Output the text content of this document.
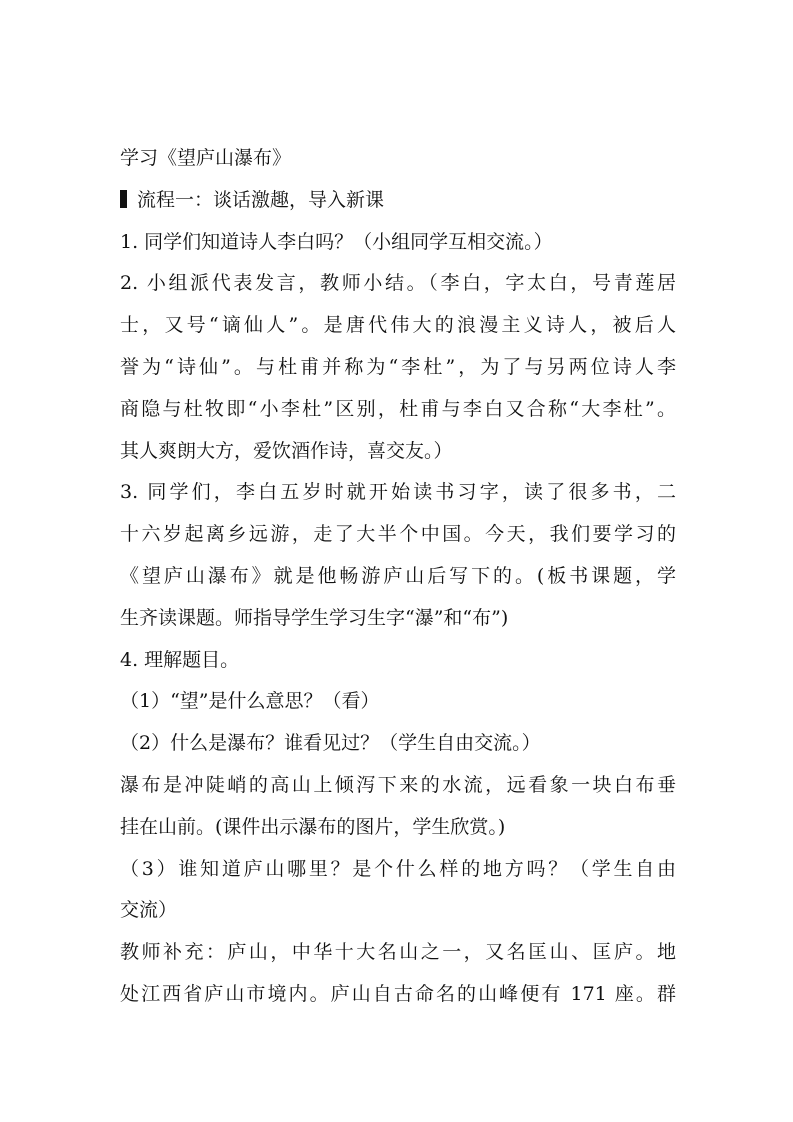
学习《望庐山瀑布》
流程一：谈话激趣，导入新课
1. 同学们知道诗人李白吗？（小组同学互相交流。）
2. 小组派代表发言，教师小结。（李白，字太白，号青莲居
士，又号“谪仙人”。是唐代伟大的浪漫主义诗人，被后人
誉为“诗仙”。与杜甫并称为“李杜”，为了与另两位诗人李
商隐与杜牧即“小李杜”区别，杜甫与李白又合称“大李杜”。
其人爽朗大方，爱饮酒作诗，喜交友。）
3. 同学们，李白五岁时就开始读书习字，读了很多书，二
十六岁起离乡远游，走了大半个中国。今天，我们要学习的
《望庐山瀑布》就是他畅游庐山后写下的。(板书课题，学
生齐读课题。师指导学生学习生字“瀑”和“布”)
4. 理解题目。
（1）“望”是什么意思？（看）
（2）什么是瀑布？谁看见过？（学生自由交流。）
瀑布是冲陡峭的高山上倾泻下来的水流，远看象一块白布垂
挂在山前。(课件出示瀑布的图片，学生欣赏。)
（3）谁知道庐山哪里？是个什么样的地方吗？（学生自由
交流）
教师补充：庐山，中华十大名山之一，又名匡山、匡庐。地
处江西省庐山市境内。庐山自古命名的山峰便有 171 座。群
